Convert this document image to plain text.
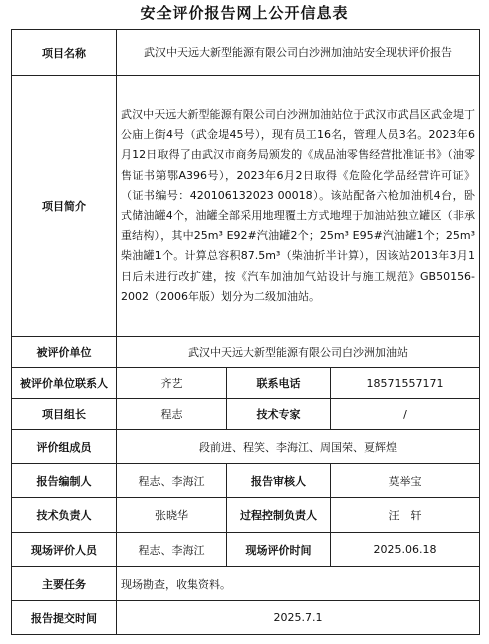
安全评价报告网上公开信息表
项目名称	武汉中天远大新型能源有限公司白沙洲加油站安全现状评价报告		
项目简介	武汉中天远大新型能源有限公司白沙洲加油站位于武汉市武昌区武金堤丁公庙上街4号（武金堤45号），现有员工16名，管理人员3名。2023年6月12日取得了由武汉市商务局颁发的《成品油零售经营批准证书》（油零售证书第鄂A396号），2023年6月2日取得《危险化学品经营许可证》（证书编号：420106132023 00018）。该站配备六枪加油机4台，卧式储油罐4个，油罐全部采用地理覆土方式地埋于加油站独立罐区（非承重结构），其中25m³ E92#汽油罐2个；25m³ E95#汽油罐1个；25m³柴油罐1个。计算总容积87.5m³（柴油折半计算），因该站2013年3月1日后未进行改扩建，按《汽车加油加气站设计与施工规范》GB50156-2002（2006年版）划分为二级加油站。		
被评价单位	武汉中天远大新型能源有限公司白沙洲加油站		
被评价单位联系人	齐艺	联系电话	18571557171
项目组长	程志	技术专家	/
评价组成员	段前进、程笑、李海江、周国荣、夏辉煌		
报告编制人	程志、李海江	报告审核人	莫举宝
技术负责人	张晓华	过程控制负责人	汪　轩
现场评价人员	程志、李海江	现场评价时间	2025.06.18
主要任务	现场勘查，收集资料。		
报告提交时间	2025.7.1		
